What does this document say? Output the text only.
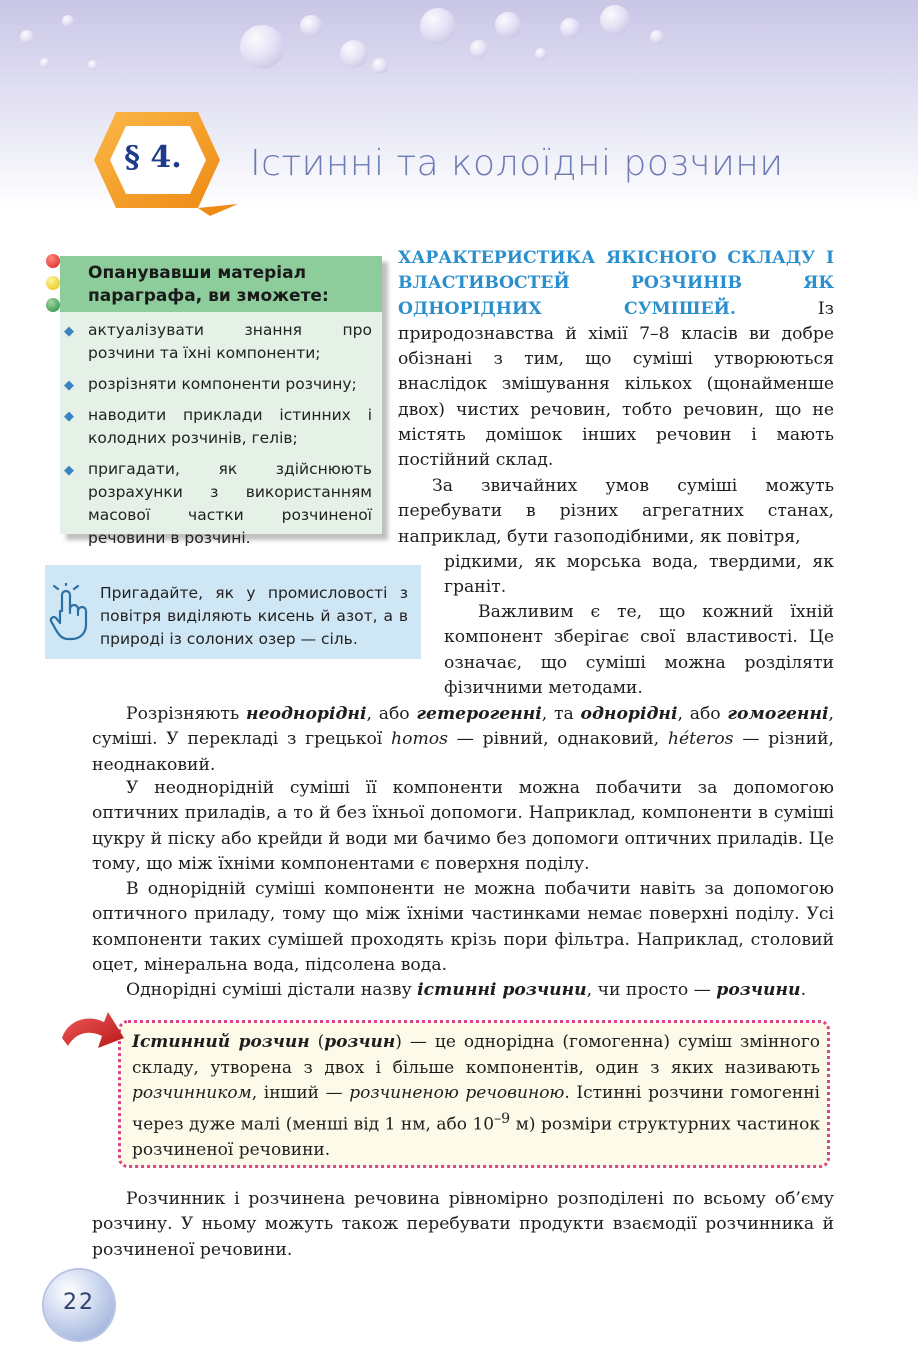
§ 4. Істинні та колоїдні розчини
Опанувавши матеріал параграфа, ви зможете:
◆ актуалізувати знання про розчини та їхні компоненти;
◆ розрізняти компоненти розчину;
◆ наводити приклади істинних і колодних розчинів, гелів;
◆ пригадати, як здійснюють розрахунки з використанням масової частки розчиненої речовини в розчині.
Пригадайте, як у промисловості з повітря виділяють кисень й азот, а в природі із солоних озер — сіль.
ХАРАКТЕРИСТИКА ЯКІСНОГО СКЛАДУ І ВЛАСТИВОСТЕЙ РОЗЧИНІВ ЯК ОДНОРІДНИХ СУМІШЕЙ.	Із природознавства й хімії 7–8 класів ви добре обізнані з тим, що суміші утворюються внаслідок змішування кількох (щонайменше двох) чистих речовин, тобто речовин, що не містять домішок інших речовин і мають постійний склад.
За звичайних умов суміші можуть перебувати в різних агрегатних станах, наприклад, бути газоподібними, як повітря,
рідкими, як морська вода, твердими, як граніт.
Важливим є те, що кожний їхній компонент зберігає свої властивості. Це означає, що суміші можна розділяти фізичними методами.
Розрізняють неоднорідні, або гетерогенні, та однорідні, або гомогенні, суміші. У перекладі з грецької homos — рівний, однаковий, hе́teros — різний, неоднаковий.
У неоднорідній суміші її компоненти можна побачити за допомогою оптичних приладів, а то й без їхньої допомоги. Наприклад, компоненти в суміші цукру й піску або крейди й води ми бачимо без допомоги оптичних приладів. Це тому, що між їхніми компонентами є поверхня поділу.
В однорідній суміші компоненти не можна побачити навіть за допомогою оптичного приладу, тому що між їхніми частинками немає поверхні поділу. Усі компоненти таких сумішей проходять крізь пори фільтра. Наприклад, столовий оцет, мінеральна вода, підсолена вода.
Однорідні суміші дістали назву істинні розчини, чи просто — розчини.
Істинний розчин (розчин) — це однорідна (гомогенна) суміш змінного складу, утворена з двох і більше компонентів, один з яких називають розчинником, інший — розчиненою речовиною. Істинні розчини гомогенні через дуже малі (менші від 1 нм, або $10^{-9}$ м) розміри структурних частинок розчиненої речовини.
Розчинник і розчинена речовина рівномірно розподілені по всьому об’єму розчину. У ньому можуть також перебувати продукти взаємодії розчинника й розчиненої речовини.
22
